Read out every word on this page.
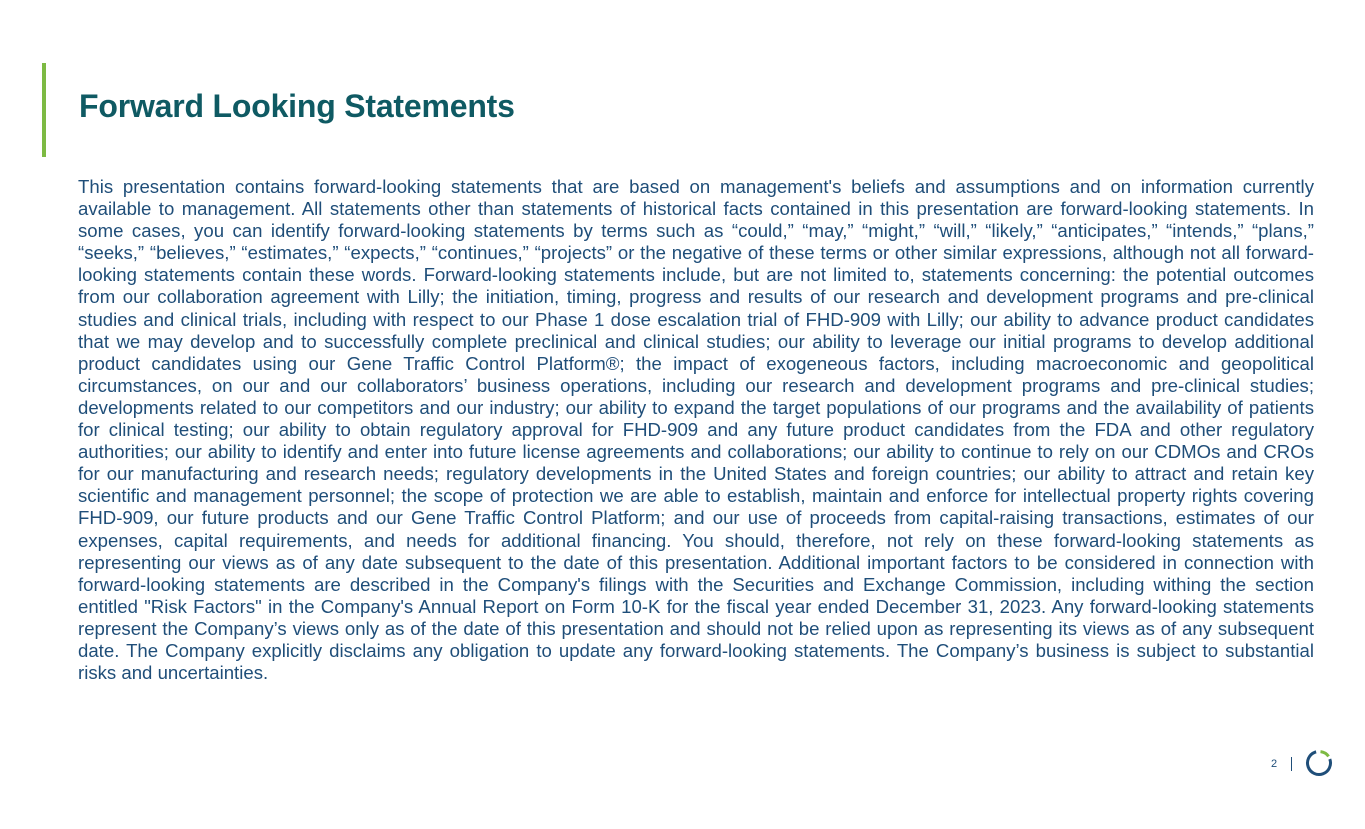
Forward Looking Statements

This presentation contains forward-looking statements that are based on management's beliefs and assumptions and on information currently available to management. All statements other than statements of historical facts contained in this presentation are forward-looking statements. In some cases, you can identify forward-looking statements by terms such as “could,” “may,” “might,” “will,” “likely,” “anticipates,” “intends,” “plans,” “seeks,” “believes,” “estimates,” “expects,” “continues,” “projects” or the negative of these terms or other similar expressions, although not all forward-looking statements contain these words. Forward-looking statements include, but are not limited to, statements concerning: the potential outcomes from our collaboration agreement with Lilly; the initiation, timing, progress and results of our research and development programs and pre-clinical studies and clinical trials, including with respect to our Phase 1 dose escalation trial of FHD-909 with Lilly; our ability to advance product candidates that we may develop and to successfully complete preclinical and clinical studies; our ability to leverage our initial programs to develop additional product candidates using our Gene Traffic Control Platform®; the impact of exogeneous factors, including macroeconomic and geopolitical circumstances, on our and our collaborators’ business operations, including our research and development programs and pre-clinical studies; developments related to our competitors and our industry; our ability to expand the target populations of our programs and the availability of patients for clinical testing; our ability to obtain regulatory approval for FHD-909 and any future product candidates from the FDA and other regulatory authorities; our ability to identify and enter into future license agreements and collaborations; our ability to continue to rely on our CDMOs and CROs for our manufacturing and research needs; regulatory developments in the United States and foreign countries; our ability to attract and retain key scientific and management personnel; the scope of protection we are able to establish, maintain and enforce for intellectual property rights covering FHD-909, our future products and our Gene Traffic Control Platform; and our use of proceeds from capital-raising transactions, estimates of our expenses, capital requirements, and needs for additional financing. You should, therefore, not rely on these forward-looking statements as representing our views as of any date subsequent to the date of this presentation. Additional important factors to be considered in connection with forward-looking statements are described in the Company's filings with the Securities and Exchange Commission, including withing the section entitled "Risk Factors" in the Company's Annual Report on Form 10-K for the fiscal year ended December 31, 2023. Any forward-looking statements represent the Company’s views only as of the date of this presentation and should not be relied upon as representing its views as of any subsequent date. The Company explicitly disclaims any obligation to update any forward-looking statements. The Company’s business is subject to substantial risks and uncertainties.

2
